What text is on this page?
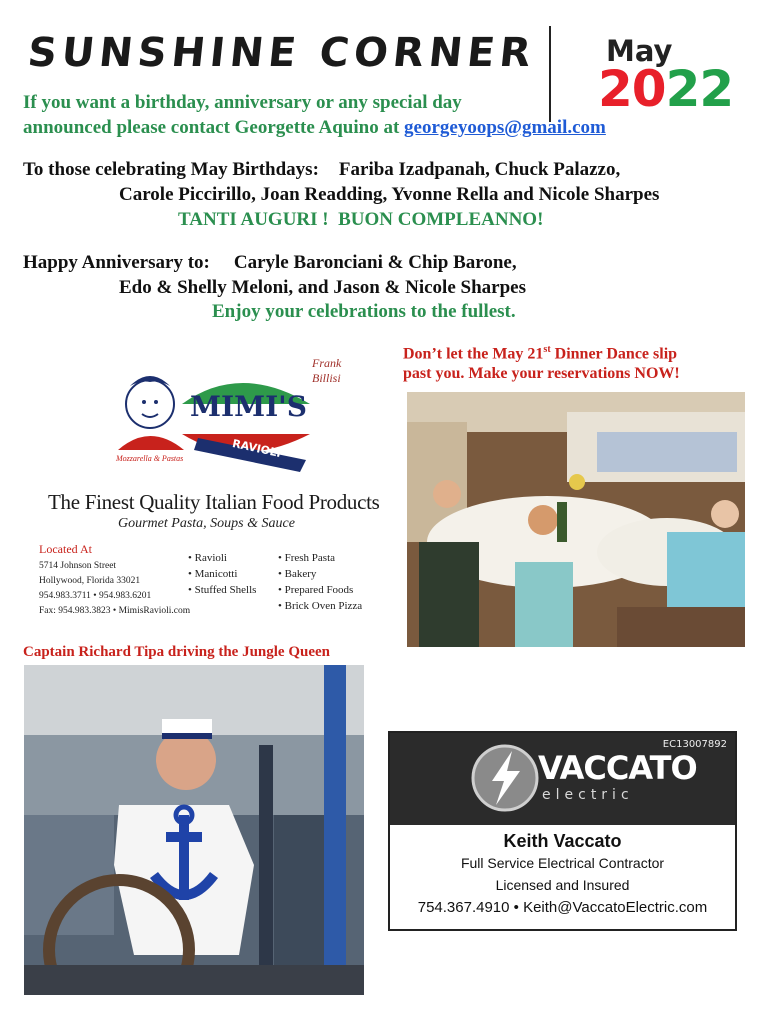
SUNSHINE CORNER May
2022
If you want a birthday, anniversary or any special day
announced please contact Georgette Aquino at georgeyoops@gmail.com
To those celebrating May Birthdays: Fariba Izadpanah, Chuck Palazzo,
Carole Piccirillo, Joan Readding, Yvonne Rella and Nicole Sharpes
TANTI AUGURI !  BUON COMPLEANNO!
Happy Anniversary to: Caryle Baronciani & Chip Barone,
Edo & Shelly Meloni, and Jason & Nicole Sharpes
Enjoy your celebrations to the fullest.
Frank Billisi
MIMI'S
RAVIOLI
Mozzarella & Pastas
The Finest Quality Italian Food Products
Gourmet Pasta, Soups & Sauce
Located At
5714 Johnson Street
Hollywood, Florida 33021
954.983.3711 • 954.983.6201
Fax: 954.983.3823 • MimisRavioli.com
• Ravioli
• Manicotti
• Stuffed Shells
• Fresh Pasta
• Bakery
• Prepared Foods
• Brick Oven Pizza
Don’t let the May 21st Dinner Dance slip
past you. Make your reservations NOW!
Captain Richard Tipa driving the Jungle Queen
EC13007892
VACCATO
electric
Keith Vaccato
Full Service Electrical Contractor
Licensed and Insured
754.367.4910 • Keith@VaccatoElectric.com
